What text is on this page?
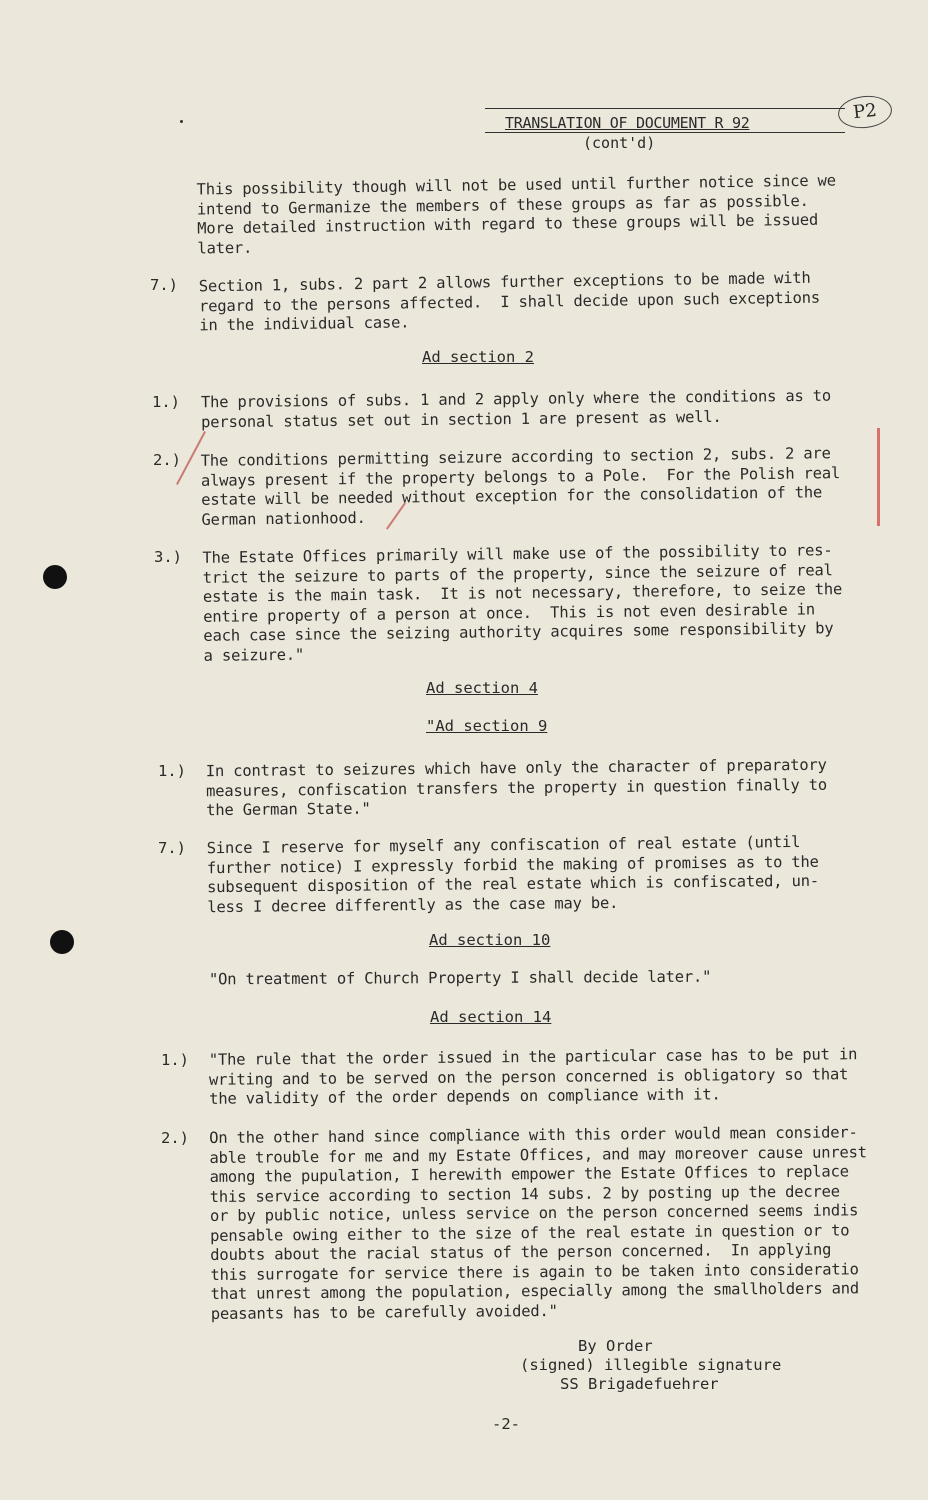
TRANSLATION OF DOCUMENT R 92
(cont'd)
P2
This possibility though will not be used until further notice since we
intend to Germanize the members of these groups as far as possible.
More detailed instruction with regard to these groups will be issued
later.
7.) Section 1, subs. 2 part 2 allows further exceptions to be made with
regard to the persons affected.  I shall decide upon such exceptions
in the individual case.
Ad section 2
1.) The provisions of subs. 1 and 2 apply only where the conditions as to
personal status set out in section 1 are present as well.
2.) The conditions permitting seizure according to section 2, subs. 2 are
always present if the property belongs to a Pole.  For the Polish real
estate will be needed without exception for the consolidation of the
German nationhood.
3.) The Estate Offices primarily will make use of the possibility to res-
trict the seizure to parts of the property, since the seizure of real
estate is the main task.  It is not necessary, therefore, to seize the
entire property of a person at once.  This is not even desirable in
each case since the seizing authority acquires some responsibility by
a seizure."
Ad section 4
"Ad section 9
1.) In contrast to seizures which have only the character of preparatory
measures, confiscation transfers the property in question finally to
the German State."
7.) Since I reserve for myself any confiscation of real estate (until
further notice) I expressly forbid the making of promises as to the
subsequent disposition of the real estate which is confiscated, un-
less I decree differently as the case may be.
Ad section 10
"On treatment of Church Property I shall decide later."
Ad section 14
1.) "The rule that the order issued in the particular case has to be put in
writing and to be served on the person concerned is obligatory so that
the validity of the order depends on compliance with it.
2.) On the other hand since compliance with this order would mean consider-
able trouble for me and my Estate Offices, and may moreover cause unrest
among the pupulation, I herewith empower the Estate Offices to replace
this service according to section 14 subs. 2 by posting up the decree
or by public notice, unless service on the person concerned seems indis
pensable owing either to the size of the real estate in question or to
doubts about the racial status of the person concerned.  In applying
this surrogate for service there is again to be taken into consideratio
that unrest among the population, especially among the smallholders and
peasants has to be carefully avoided."
By Order
(signed) illegible signature
SS Brigadefuehrer
-2-
